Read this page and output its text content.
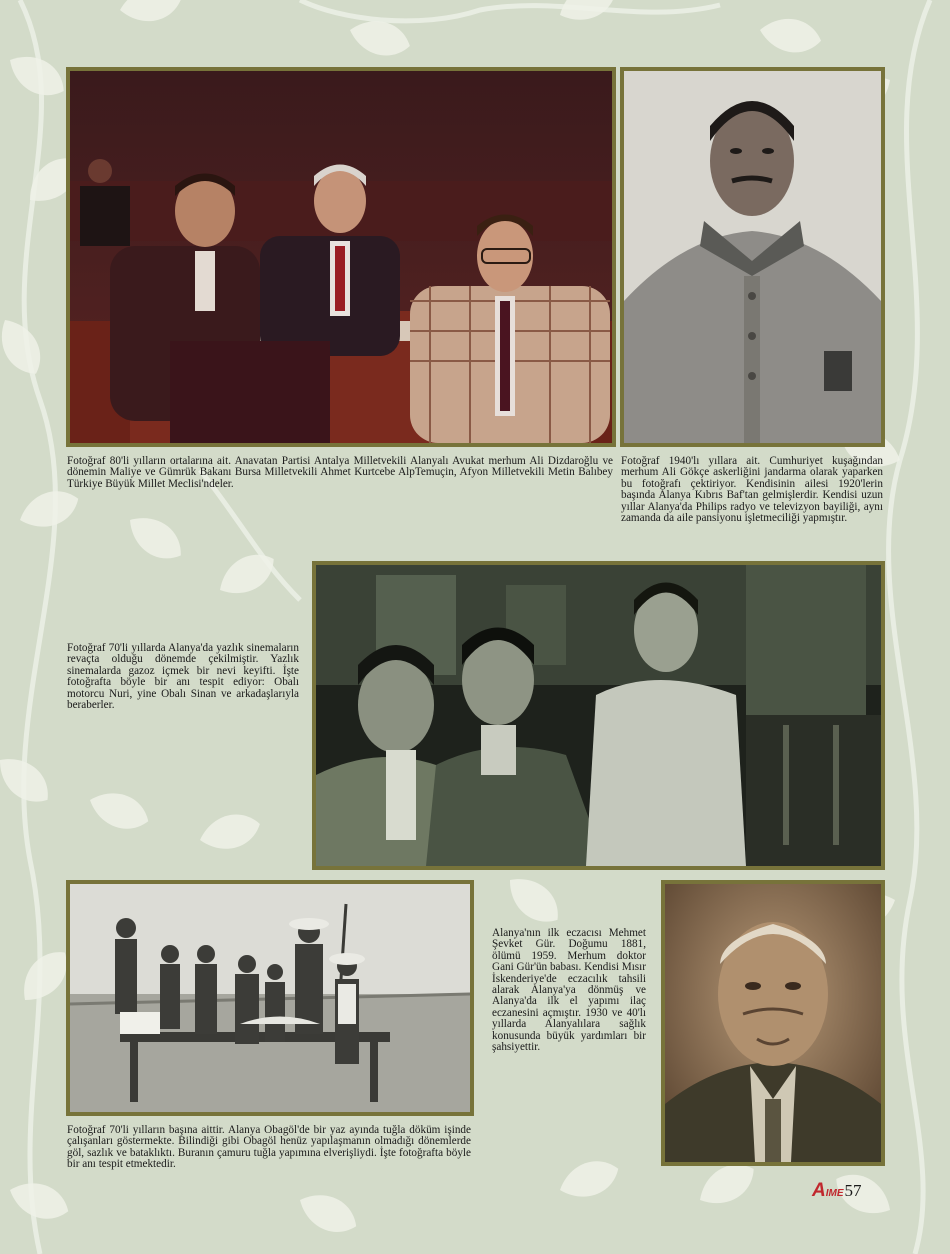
Fotoğraf 80'li yılların ortalarına ait. Anavatan Partisi Antalya Milletvekili Alanyalı Avukat merhum Ali Dizdaroğlu ve dönemin Maliye ve Gümrük Bakanı Bursa Milletvekili Ahmet Kurtcebe AlpTemuçin, Afyon Milletvekili Metin Balıbey Türkiye Büyük Millet Meclisi'ndeler.

Fotoğraf 1940'lı yıllara ait. Cumhuriyet kuşağından merhum Ali Gökçe askerliğini jandarma olarak yaparken bu fotoğrafı çektiriyor. Kendisinin ailesi 1920'lerin başında Alanya Kıbrıs Baf'tan gelmişlerdir. Kendisi uzun yıllar Alanya'da Philips radyo ve televizyon bayiliği, aynı zamanda da aile pansiyonu işletmeciliği yapmıştır.

Fotoğraf 70'li yıllarda Alanya'da yazlık sinemaların revaçta olduğu dönemde çekilmiştir. Yazlık sinemalarda gazoz içmek bir nevi keyifti. İşte fotoğrafta böyle bir anı tespit ediyor: Obalı motorcu Nuri, yine Obalı Sinan ve arkadaşlarıyla beraberler.

Alanya'nın ilk eczacısı Mehmet Şevket Gür. Doğumu 1881, ölümü 1959. Merhum doktor Gani Gür'ün babası. Kendisi Mısır İskenderiye'de eczacılık tahsili alarak Alanya'ya dönmüş ve Alanya'da ilk el yapımı ilaç eczanesini açmıştır. 1930 ve 40'lı yıllarda Alanyalılara sağlık konusunda büyük yardımları bir şahsiyettir.

Fotoğraf 70'li yılların başına aittir. Alanya Obagöl'de bir yaz ayında tuğla döküm işinde çalışanları göstermekte. Bilindiği gibi Obagöl henüz yapılaşmanın olmadığı dönemlerde göl, sazlık ve bataklıktı. Buranın çamuru tuğla yapımına elverişliydi. İşte fotoğrafta böyle bir anı tespit etmektedir.

AIME 57
